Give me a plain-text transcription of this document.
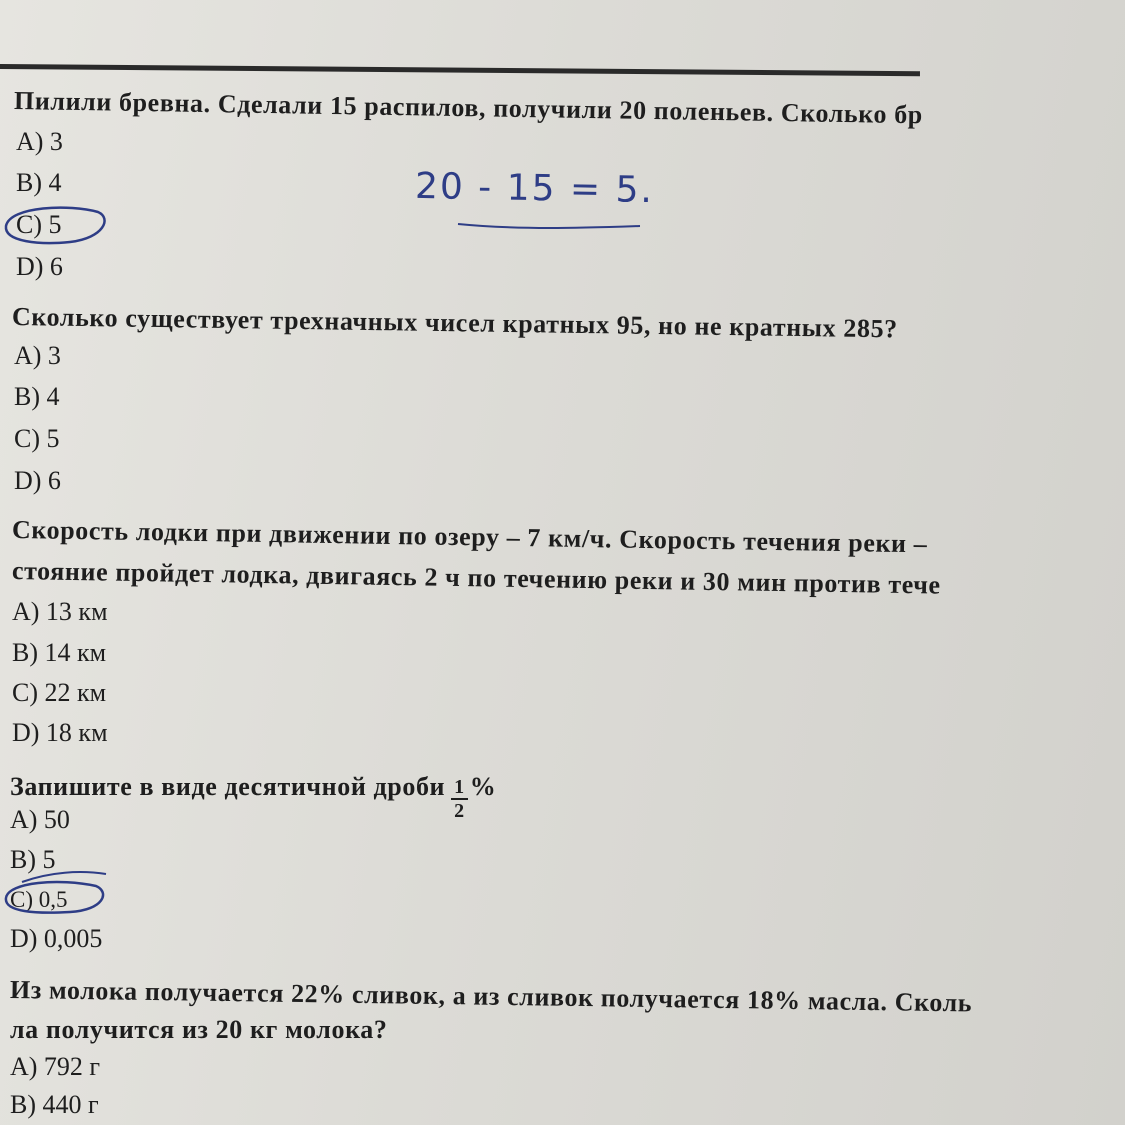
Пилили бревна. Сделали 15 распилов, получили 20 поленьев. Сколько бр
A) 3
B) 4
C) 5
D) 6
Сколько существует трехначных чисел кратных 95, но не кратных 285?
A) 3
B) 4
C) 5
D) 6
Скорость лодки при движении по озеру – 7 км/ч. Скорость течения реки –
стояние пройдет лодка, двигаясь 2 ч по течению реки и 30 мин против тече
A) 13 км
B) 14 км
C) 22 км
D) 18 км
Запишите в виде десятичной дроби $\frac{1}{2}$ %
A) 50
B) 5
C) 0,5
D) 0,005
Из молока получается 22% сливок, а из сливок получается 18% масла. Сколь
ла получится из 20 кг молока?
A) 792 г
B) 440 г
20 - 15 = 5.
